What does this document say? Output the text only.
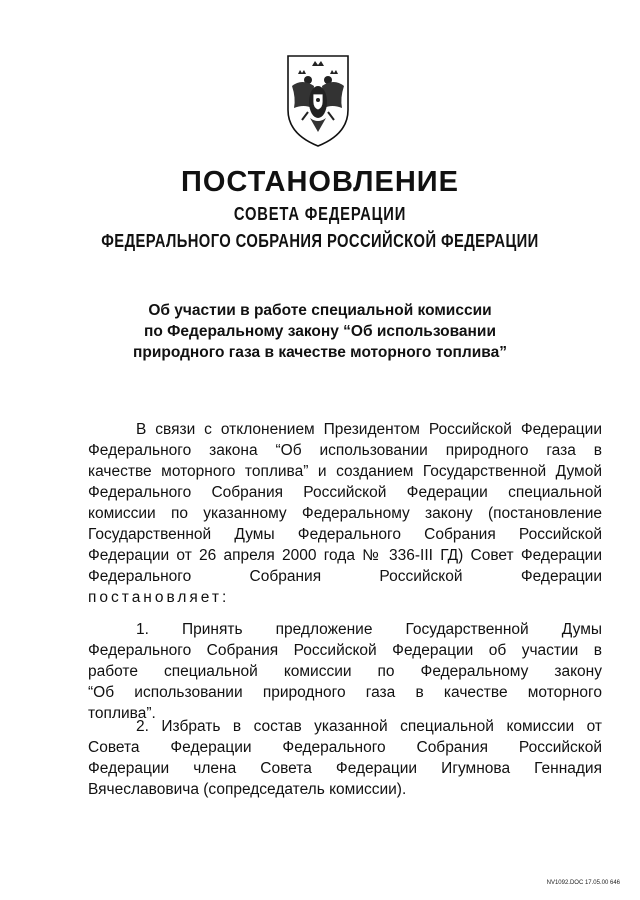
ПОСТАНОВЛЕНИЕ
СОВЕТА ФЕДЕРАЦИИ
ФЕДЕРАЛЬНОГО СОБРАНИЯ РОССИЙСКОЙ ФЕДЕРАЦИИ
Об участии в работе специальной комиссии
по Федеральному закону “Об использовании
природного газа в качестве моторного топлива”
В связи с отклонением Президентом Российской Федерации
Федерального закона “Об использовании природного газа в
качестве моторного топлива” и созданием Государственной Думой
Федерального Собрания Российской Федерации специальной
комиссии по указанному Федеральному закону (постановление
Государственной Думы Федерального Собрания Российской
Федерации от 26 апреля 2000 года № 336-III ГД) Совет Федерации
Федерального Собрания Российской Федерации
постановляет:
1. Принять предложение Государственной Думы
Федерального Собрания Российской Федерации об участии в
работе специальной комиссии по Федеральному закону
“Об использовании природного газа в качестве моторного
топлива”.
2. Избрать в состав указанной специальной комиссии от
Совета Федерации Федерального Собрания Российской
Федерации члена Совета Федерации Игумнова Геннадия
Вячеславовича (сопредседатель комиссии).
NV1092.DOC 17.05.00 646
